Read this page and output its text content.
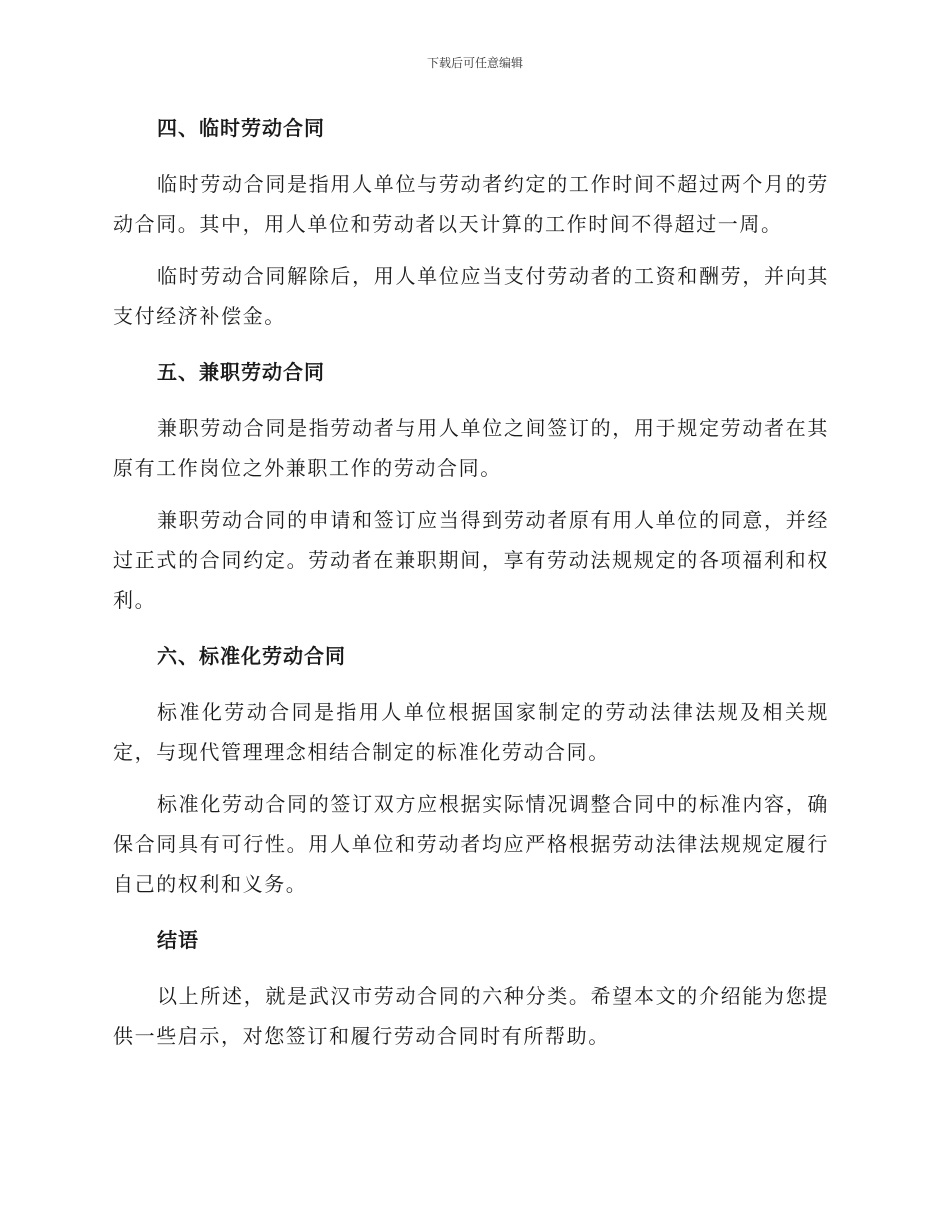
下载后可任意编辑
四、临时劳动合同

临时劳动合同是指用人单位与劳动者约定的工作时间不超过两个月的劳动合同。其中，用人单位和劳动者以天计算的工作时间不得超过一周。

临时劳动合同解除后，用人单位应当支付劳动者的工资和酬劳，并向其支付经济补偿金。

五、兼职劳动合同

兼职劳动合同是指劳动者与用人单位之间签订的，用于规定劳动者在其原有工作岗位之外兼职工作的劳动合同。

兼职劳动合同的申请和签订应当得到劳动者原有用人单位的同意，并经过正式的合同约定。劳动者在兼职期间，享有劳动法规规定的各项福利和权利。

六、标准化劳动合同

标准化劳动合同是指用人单位根据国家制定的劳动法律法规及相关规定，与现代管理理念相结合制定的标准化劳动合同。

标准化劳动合同的签订双方应根据实际情况调整合同中的标准内容，确保合同具有可行性。用人单位和劳动者均应严格根据劳动法律法规规定履行自己的权利和义务。

结语

以上所述，就是武汉市劳动合同的六种分类。希望本文的介绍能为您提供一些启示，对您签订和履行劳动合同时有所帮助。
